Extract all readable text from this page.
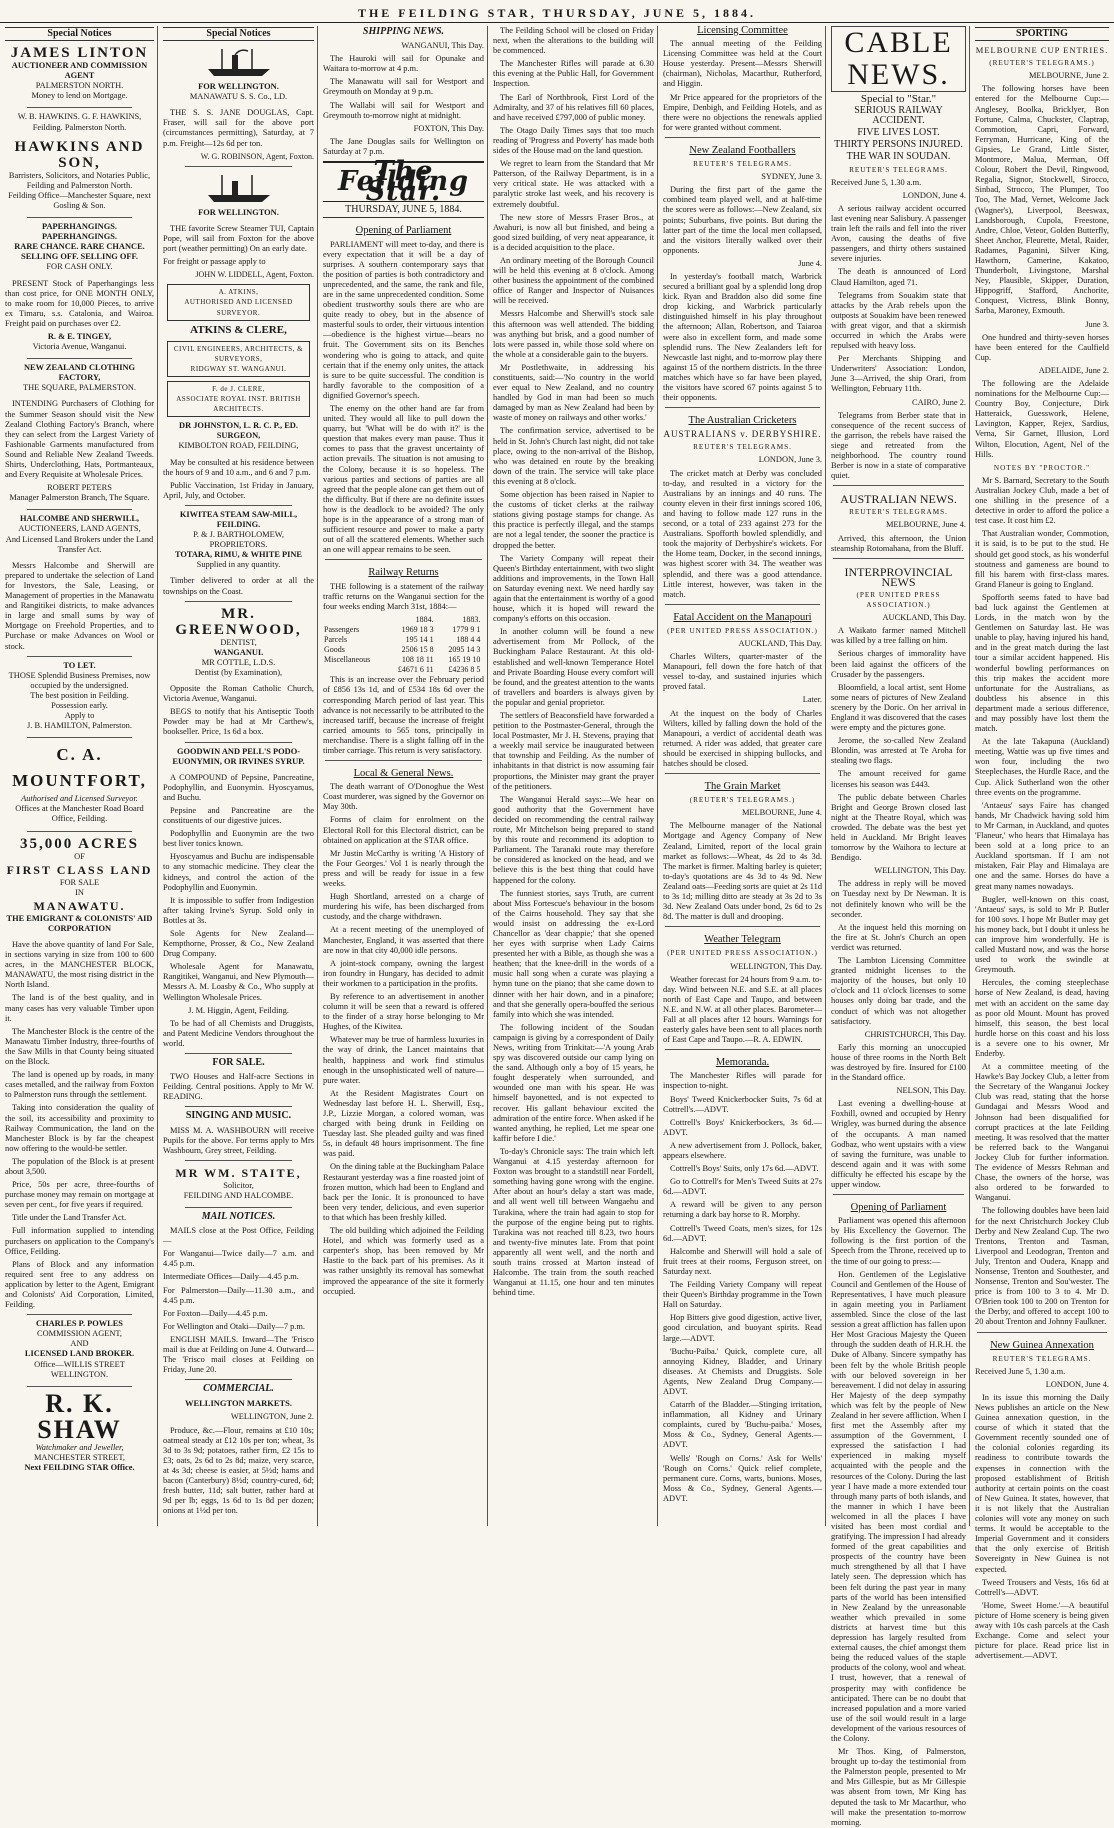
THE FEILDING STAR, THURSDAY, JUNE 5, 1884.
Special Notices
JAMES LINTON
AUCTIONEER AND COMMISSION AGENT
PALMERSTON NORTH.
Money to lend on Mortgage.
W. B. HAWKINS. G. F. HAWKINS,
Feilding. Palmerston North.
HAWKINS AND SON,
Barristers, Solicitors, and Notaries Public,
Feilding and Palmerston North.
Feilding Office—Manchester Square, next Gosling & Son.
PAPERHANGINGS. PAPERHANGINGS.
RARE CHANCE. RARE CHANCE.
SELLING OFF. SELLING OFF.
FOR CASH ONLY.

PRESENT Stock of Paperhangings less than cost price, for ONE MONTH ONLY, to make room for 10,000 Pieces, to arrive ex Timaru, s.s. Catalonia, and Wairoa. Freight paid on purchases over £2.

R. & E. TINGEY,
Victoria Avenue, Wanganui.
NEW ZEALAND CLOTHING FACTORY,
THE SQUARE, PALMERSTON.

INTENDING Purchasers of Clothing for the Summer Season should visit the New Zealand Clothing Factory's Branch, where they can select from the Largest Variety of Fashionable Garments manufactured from Sound and Reliable New Zealand Tweeds. Shirts, Underclothing, Hats, Portmanteaux, and Every Requisite at Wholesale Prices.

ROBERT PETERS
Manager Palmerston Branch, The Square.
HALCOMBE AND SHERWILL,
AUCTIONEERS, LAND AGENTS,
And Licensed Land Brokers under the Land Transfer Act.

Messrs Halcombe and Sherwill are prepared to undertake the selection of Land for Investors, the Sale, Leasing, or Management of properties in the Manawatu and Rangitikei districts, to make advances in large and small sums by way of Mortgage on Freehold Properties, and to Purchase or make Advances on Wool or stock.

TO LET.
THOSE Splendid Business Premises, now occupied by the undersigned.
The best position in Feilding.
Possession early.
Apply to
J. B. HAMILTON, Palmerston.
C. A. MOUNTFORT,
Authorised and Licensed Surveyor.
Offices at the Manchester Road Board Office, Feilding.
35,000 ACRES
OF
FIRST CLASS LAND
FOR SALE
IN
MANAWATU.
THE EMIGRANT & COLONISTS' AID CORPORATION

Have the above quantity of land For Sale, in sections varying in size from 100 to 600 acres, in the MANCHESTER BLOCK, MANAWATU, the most rising district in the North Island.

The land is of the best quality, and in many cases has very valuable Timber upon it.

The Manchester Block is the centre of the Manawatu Timber Industry, three-fourths of the Saw Mills in that County being situated on the Block.

The land is opened up by roads, in many cases metalled, and the railway from Foxton to Palmerston runs through the settlement.

Taking into consideration the quality of the soil, its accessibility and proximity to Railway Communication, the land on the Manchester Block is by far the cheapest now offering to the would-be settler.

The population of the Block is at present about 3,500.

Price, 50s per acre, three-fourths of purchase money may remain on mortgage at seven per cent., for five years if required.

Title under the Land Transfer Act.

Full information supplied to intending purchasers on application to the Company's Office, Feilding.

Plans of Block and any information required sent free to any address on application by letter to the Agent, Emigrant and Colonists' Aid Corporation, Limited, Feilding.

CHARLES P. POWLES
COMMISSION AGENT,
AND
LICENSED LAND BROKER.
Office—WILLIS STREET
WELLINGTON.
R. K. SHAW
Watchmaker and Jeweller,
MANCHESTER STREET,
Next FEILDING STAR Office.
Special Notices
FOR WELLINGTON.
MANAWATU S. S. Co., LD.

THE S. S. JANE DOUGLAS, Capt. Fraser, will sail for the above port (circumstances permitting), Saturday, at 7 p.m. Freight—12s 6d per ton.

W. G. ROBINSON, Agent, Foxton.
FOR WELLINGTON.

THE favorite Screw Steamer TUI, Captain Pope, will sail from Foxton for the above port (weather permitting) On an early date.

For freight or passage apply to

JOHN W. LIDDELL, Agent, Foxton.
A. ATKINS,
AUTHORISED AND LICENSED SURVEYOR.
ATKINS & CLERE,
CIVIL ENGINEERS, ARCHITECTS, & SURVEYORS,
RIDGWAY ST. WANGANUI.
F. de J. CLERE,
ASSOCIATE ROYAL INST. BRITISH ARCHITECTS.
DR JOHNSTON, L. R. C. P., ED. SURGEON,
KIMBOLTON ROAD, FEILDING,

May be consulted at his residence between the hours of 9 and 10 a.m., and 6 and 7 p.m.

Public Vaccination, 1st Friday in January, April, July, and October.

KIWITEA STEAM SAW-MILL, FEILDING.
P. & J. BARTHOLOMEW,
PROPRIETORS.
TOTARA, RIMU, & WHITE PINE
Supplied in any quantity.

Timber delivered to order at all the townships on the Coast.

MR. GREENWOOD,
DENTIST,
WANGANUI.
MR COTTLE, L.D.S.
Dentist (by Examination),

Opposite the Roman Catholic Church, Victoria Avenue, Wanganui.

BEGS to notify that his Antiseptic Tooth Powder may be had at Mr Carthew's, bookseller. Price, 1s 6d a box.

GOODWIN AND PELL'S PODO-EUONYMIN, OR IRVINES SYRUP.

A COMPOUND of Pepsine, Pancreatine, Podophyllin, and Euonymin. Hyoscyamus, and Buchu.

Pepsine and Pancreatine are the constituents of our digestive juices.

Podophyllin and Euonymin are the two best liver tonics known.

Hyoscyamus and Buchu are indispensable to any stomachic medicine. They clear the kidneys, and control the action of the Podophyllin and Euonymin.

It is impossible to suffer from Indigestion after taking Irvine's Syrup. Sold only in Bottles at 3s.

Sole Agents for New Zealand—Kempthorne, Prosser, & Co., New Zealand Drug Company.

Wholesale Agent for Manawatu, Rangitikei, Wanganui, and New Plymouth—Messrs A. M. Loasby & Co., Who supply at Wellington Wholesale Prices.

J. M. Higgin, Agent, Feilding.

To be had of all Chemists and Druggists, and Patent Medicine Vendors throughout the world.

FOR SALE.

TWO Houses and Half-acre Sections in Feilding. Central positions. Apply to Mr W. READING.

SINGING AND MUSIC.

MISS M. A. WASHBOURN will receive Pupils for the above. For terms apply to Mrs Washbourn, Grey street, Feilding.

MR WM. STAITE,
Solicitor,
FEILDING AND HALCOMBE.
MAIL NOTICES.

MAILS close at the Post Office, Feilding—

For Wanganui—Twice daily—7 a.m. and 4.45 p.m.

Intermediate Offices—Daily—4.45 p.m.

For Palmerston—Daily—11.30 a.m., and 4.45 p.m.

For Foxton—Daily—4.45 p.m.

For Wellington and Otaki—Daily—7 p.m.

ENGLISH MAILS. Inward—The 'Frisco mail is due at Feilding on June 4. Outward—The 'Frisco mail closes at Feilding on Friday, June 20.

COMMERCIAL.
WELLINGTON MARKETS.

WELLINGTON, June 2.

Produce, &c.—Flour, remains at £10 10s; oatmeal steady at £12 10s per ton; wheat, 3s 3d to 3s 9d; potatoes, rather firm, £2 15s to £3; oats, 2s 6d to 2s 8d; maize, very scarce, at 4s 3d; cheese is easier, at 5½d; hams and bacon (Canterbury) 8½d; country-cured, 6d; fresh butter, 11d; salt butter, rather hard at 9d per lb; eggs, 1s 6d to 1s 8d per dozen; onions at 1½d per ton.

SHIPPING NEWS.

WANGANUI, This Day.

The Hauroki will sail for Opunake and Waitara to-morrow at 4 p.m.

The Manawatu will sail for Westport and Greymouth on Monday at 9 p.m.

The Wallabi will sail for Westport and Greymouth to-morrow night at midnight.

FOXTON, This Day.

The Jane Douglas sails for Wellington on Saturday at 7 p.m.

The Feilding Star.
THURSDAY, JUNE 5, 1884.
Opening of Parliament

PARLIAMENT will meet to-day, and there is every expectation that it will be a day of surprises. A southern contemporary says that the position of parties is both contradictory and unprecedented, and the same, the rank and file, are in the same unprecedented condition. Some obedient trustworthy souls there are who are quite ready to obey, but in the absence of masterful souls to order, their virtuous intention—obedience is the highest virtue—bears no fruit. The Government sits on its Benches wondering who is going to attack, and quite certain that if the enemy only unites, the attack is sure to be quite successful. The condition is hardly favorable to the composition of a dignified Governor's speech.

The enemy on the other hand are far from united. They would all like to pull down the quarry, but 'What will be do with it?' is the question that makes every man pause. Thus it comes to pass that the gravest uncertainty of action prevails. The situation is not amusing to the Colony, because it is so hopeless. The various parties and sections of parties are all agreed that the people alone can get them out of the difficulty. But if there are no definite issues how is the deadlock to be avoided? The only hope is in the appearance of a strong man of sufficient resource and power to make a party out of all the scattered elements. Whether such an one will appear remains to be seen.

Railway Returns

THE following is a statement of the railway traffic returns on the Wanganui section for the four weeks ending March 31st, 1884:—

	1884.		1883.	
Passengers	1969 18 3		1779 9 1	
Parcels	195 14 1		188 4 4	
Goods	2506 15 8		2095 14 3	
Miscellaneous	108 18 11		165 19 10	
	£4671 6 11		£4236 8 5	

This is an increase over the February period of £856 13s 1d, and of £534 18s 6d over the corresponding March period of last year. This advance is not necessarily to be attributed to the increased tariff, because the increase of freight carried amounts to 565 tons, principally in merchandise. There is a slight falling off in the timber carriage. This return is very satisfactory.

Local & General News.

The death warrant of O'Donoghue the West Coast murderer, was signed by the Governor on May 30th.

Forms of claim for enrolment on the Electoral Roll for this Electoral district, can be obtained on application at the STAR office.

Mr Justin McCarthy is writing 'A History of the Four Georges.' Vol 1 is nearly through the press and will be ready for issue in a few weeks.

Hugh Shortland, arrested on a charge of murdering his wife, has been discharged from custody, and the charge withdrawn.

At a recent meeting of the unemployed of Manchester, England, it was asserted that there are now in that city 40,000 idle persons.

A joint-stock company, owning the largest iron foundry in Hungary, has decided to admit their workmen to a participation in the profits.

By reference to an advertisement in another column it will be seen that a reward is offered to the finder of a stray horse belonging to Mr Hughes, of the Kiwitea.

Whatever may be true of harmless luxuries in the way of drink, the Lancet maintains that health, happiness and work find stimulus enough in the unsophisticated well of nature—pure water.

At the Resident Magistrates Court on Wednesday last before H. L. Sherwill, Esq., J.P., Lizzie Morgan, a colored woman, was charged with being drunk in Feilding on Tuesday last. She pleaded guilty and was fined 5s, in default 48 hours imprisonment. The fine was paid.

On the dining table at the Buckingham Palace Restaurant yesterday was a fine roasted joint of frozen mutton, which had been to England and back per the Ionic. It is pronounced to have been very tender, delicious, and even superior to that which has been freshly killed.

The old building which adjoined the Feilding Hotel, and which was formerly used as a carpenter's shop, has been removed by Mr Hastie to the back part of his premises. As it was rather unsightly its removal has somewhat improved the appearance of the site it formerly occupied.

The Feilding School will be closed on Friday next, when the alterations to the building will be commenced.

The Manchester Rifles will parade at 6.30 this evening at the Public Hall, for Government Inspection.

The Earl of Northbrook, First Lord of the Admiralty, and 37 of his relatives fill 60 places, and have received £797,000 of public money.

The Otago Daily Times says that too much reading of 'Progress and Poverty' has made both sides of the House mad on the land question.

We regret to learn from the Standard that Mr Patterson, of the Railway Department, is in a very critical state. He was attacked with a paralytic stroke last week, and his recovery is extremely doubtful.

The new store of Messrs Fraser Bros., at Awahuri, is now all but finished, and being a good sized building, of very neat appearance, it is a decided acquisition to the place.

An ordinary meeting of the Borough Council will be held this evening at 8 o'clock. Among other business the appointment of the combined office of Ranger and Inspector of Nuisances will be received.

Messrs Halcombe and Sherwill's stock sale this afternoon was well attended. The bidding was anything but brisk, and a good number of lots were passed in, while those sold where on the whole at a considerable gain to the buyers.

Mr Postlethwaite, in addressing his constituents, said:—'No country in the world ever equal to New Zealand, and no country handled by God in man had been so much damaged by man as New Zealand had been by waste of money on railways and other works.'

The confirmation service, advertised to be held in St. John's Church last night, did not take place, owing to the non-arrival of the Bishop, who was detained en route by the breaking down of the train. The service will take place this evening at 8 o'clock.

Some objection has been raised in Napier to the customs of ticket clerks at the railway stations giving postage stamps for change. As this practice is perfectly illegal, and the stamps are not a legal tender, the sooner the practice is dropped the better.

The Variety Company will repeat their Queen's Birthday entertainment, with two slight additions and improvements, in the Town Hall on Saturday evening next. We need hardly say again that the entertainment is worthy of a good house, which it is hoped will reward the company's efforts on this occasion.

In another column will be found a new advertisement from Mr Pollock, of the Buckingham Palace Restaurant. At this old-established and well-known Temperance Hotel and Private Boarding House every comfort will be found, and the greatest attention to the wants of travellers and boarders is always given by the popular and genial proprietor.

The settlers of Beaconsfield have forwarded a petition to the Postmaster-General, through the local Postmaster, Mr J. H. Stevens, praying that a weekly mail service be inaugurated between that township and Feilding. As the number of inhabitants in that district is now assuming fair proportions, the Minister may grant the prayer of the petitioners.

The Wanganui Herald says:—We hear on good authority that the Government have decided on recommending the central railway route, Mr Mitchelson being prepared to stand by this route and recommend its adoption to Parliament. The Taranaki route may therefore be considered as knocked on the head, and we believe this is the best thing that could have happened for the colony.

The funniest stories, says Truth, are current about Miss Fortescue's behaviour in the bosom of the Cairns household. They say that she would insist on addressing the ex-Lord Chancellor as 'dear chappie;' that she opened her eyes with surprise when Lady Cairns presented her with a Bible, as though she was a heathen; that the knee-drill in the words of a music hall song when a curate was playing a hymn tune on the piano; that she came down to dinner with her hair down, and in a pinafore; and that she generally opera-bouffed the serious family into which she was intended.

The following incident of the Soudan campaign is giving by a correspondent of Daily News, writing from Trinkitat:—'A young Arab spy was discovered outside our camp lying on the sand. Although only a boy of 15 years, he fought desperately when surrounded, and wounded one man with his spear. He was himself bayonetted, and is not expected to recover. His gallant behaviour excited the admiration of the entire force. When asked if he wanted anything, he replied, Let me spear one kaffir before I die.'

To-day's Chronicle says: The train which left Wanganui at 4.15 yesterday afternoon for Foxton was brought to a standstill near Fordell, something having gone wrong with the engine. After about an hour's delay a start was made, and all went well till between Wangaehu and Turakina, where the train had again to stop for the purpose of the engine being put to rights. Turakina was not reached till 8.23, two hours and twenty-five minutes late. From that point apparently all went well, and the north and south trains crossed at Marton instead of Halcombe. The train from the south reached Wanganui at 11.15, one hour and ten minutes behind time.

Licensing Committee

The annual meeting of the Feilding Licensing Committee was held at the Court House yesterday. Present—Messrs Sherwill (chairman), Nicholas, Macarthur, Rutherford, and Higgin.

Mr Price appeared for the proprietors of the Empire, Denbigh, and Feilding Hotels, and as there were no objections the renewals applied for were granted without comment.

New Zealand Footballers
REUTER'S TELEGRAMS.

SYDNEY, June 3.

During the first part of the game the combined team played well, and at half-time the scores were as follows:—New Zealand, six points; Suburbans, five points. But during the latter part of the time the local men collapsed, and the visitors literally walked over their opponents.

June 4.

In yesterday's football match, Warbrick secured a brilliant goal by a splendid long drop kick. Ryan and Braddon also did some fine drop kicking, and Warbrick particularly distinguished himself in his play throughout the afternoon; Allan, Robertson, and Taiaroa were also in excellent form, and made some splendid runs. The New Zealanders left for Newcastle last night, and to-morrow play there against 15 of the northern districts. In the three matches which have so far have been played, the visitors have scored 67 points against 5 to their opponents.

The Australian Cricketers
AUSTRALIANS v. DERBYSHIRE.
REUTER'S TELEGRAMS.

LONDON, June 3.

The cricket match at Derby was concluded to-day, and resulted in a victory for the Australians by an innings and 40 runs. The county eleven in their first innings scored 106, and having to follow made 127 runs in the second, or a total of 233 against 273 for the Australians. Spofforth bowled splendidly, and took the majority of Derbyshire's wickets. For the Home team, Docker, in the second innings, was highest scorer with 34. The weather was splendid, and there was a good attendance. Little interest, however, was taken in the match.

Fatal Accident on the Manapouri
(PER UNITED PRESS ASSOCIATION.)

AUCKLAND, This Day.

Charles Wilters, quarter-master of the Manapouri, fell down the fore hatch of that vessel to-day, and sustained injuries which proved fatal.

Later.

At the inquest on the body of Charles Wilters, killed by falling down the hold of the Manapouri, a verdict of accidental death was returned. A rider was added, that greater care should be exercised in shipping bullocks, and hatches should be closed.

The Grain Market
(REUTER'S TELEGRAMS.)

MELBOURNE, June 4.

The Melbourne manager of the National Mortgage and Agency Company of New Zealand, Limited, report of the local grain market as follows:—Wheat, 4s 2d to 4s 3d. The market is firmer. Malting barley is quieter; to-day's quotations are 4s 3d to 4s 9d. New Zealand oats—Feeding sorts are quiet at 2s 11d to 3s 1d; milling ditto are steady at 3s 2d to 3s 3d. New Zealand Oats under bond, 2s 6d to 2s 8d. The matter is dull and drooping.

Weather Telegram
(PER UNITED PRESS ASSOCIATION.)

WELLINGTON, This Day.

Weather forecast for 24 hours from 9 a.m. to-day. Wind between N.E. and S.E. at all places north of East Cape and Taupo, and between N.E. and N.W. at all other places. Barometer—Fall at all places after 12 hours. Warnings for easterly gales have been sent to all places north of East Cape and Taupo.—R. A. EDWIN.

Memoranda.

The Manchester Rifles will parade for inspection to-night.

Boys' Tweed Knickerbocker Suits, 7s 6d at Cottrell's.—ADVT.

Cottrell's Boys' Knickerbockers, 3s 6d.—ADVT.

A new advertisement from J. Pollock, baker, appears elsewhere.

Cottrell's Boys' Suits, only 17s 6d.—ADVT.

Go to Cottrell's for Men's Tweed Suits at 27s 6d.—ADVT.

A reward will be given to any person returning a dark bay horse to R. Morphy.

Cottrell's Tweed Coats, men's sizes, for 12s 6d.—ADVT.

Halcombe and Sherwill will hold a sale of fruit trees at their rooms, Ferguson street, on Saturday next.

The Feilding Variety Company will repeat their Queen's Birthday programme in the Town Hall on Saturday.

Hop Bitters give good digestion, active liver, good circulation, and buoyant spirits. Read large.—ADVT.

'Buchu-Paiba.' Quick, complete cure, all annoying Kidney, Bladder, and Urinary diseases. At Chemists and Druggists. Sole Agents, New Zealand Drug Company.—ADVT.

Catarrh of the Bladder.—Stinging irritation, inflammation, all Kidney and Urinary complaints, cured by 'Buchu-paiba.' Moses, Moss & Co., Sydney, General Agents.—ADVT.

Wells' 'Rough on Corns.' Ask for Wells' 'Rough on Corns.' Quick relief complete, permanent cure. Corns, warts, bunions. Moses, Moss & Co., Sydney, General Agents.—ADVT.

CABLE NEWS.
Special to "Star."
SERIOUS RAILWAY ACCIDENT.
FIVE LIVES LOST.
THIRTY PERSONS INJURED.
THE WAR IN SOUDAN.
REUTER'S TELEGRAMS.

Received June 5, 1.30 a.m.

LONDON, June 4.

A serious railway accident occurred last evening near Salisbury. A passenger train left the rails and fell into the river Avon, causing the deaths of five passengers, and thirty others sustained severe injuries.

The death is announced of Lord Claud Hamilton, aged 71.

Telegrams from Souakim state that attacks by the Arab rebels upon the outposts at Souakim have been renewed with great vigor, and that a skirmish occurred in which the Arabs were repulsed with heavy loss.

Per Merchants Shipping and Underwriters' Association: London, June 3—Arrived, the ship Orari, from Wellington, February 11th.

CAIRO, June 2.

Telegrams from Berber state that in consequence of the recent success of the garrison, the rebels have raised the siege and retreated from the neighborhood. The country round Berber is now in a state of comparative quiet.

AUSTRALIAN NEWS.
REUTER'S TELEGRAMS.

MELBOURNE, June 4.

Arrived, this afternoon, the Union steamship Rotomahana, from the Bluff.

INTERPROVINCIAL NEWS
(PER UNITED PRESS ASSOCIATION.)

AUCKLAND, This Day.

A Waikato farmer named Mitchell was killed by a tree falling on him.

Serious charges of immorality have been laid against the officers of the Crusader by the passengers.

Bloomfield, a local artist, sent Home some nears of pictures of New Zealand scenery by the Doric. On her arrival in England it was discovered that the cases were empty and the pictures gone.

Jerome, the so-called New Zealand Blondin, was arrested at Te Aroha for stealing two flags.

The amount received for game licenses his season was £443.

The public debate between Charles Bright and George Brown closed last night at the Theatre Royal, which was crowded. The debate was the best yet held in Auckland. Mr Bright leaves tomorrow by the Waihora to lecture at Bendigo.

WELLINGTON, This Day.

The address in reply will be moved on Tuesday next by Dr Newman. It is not definitely known who will be the seconder.

At the inquest held this morning on the fire at St. John's Church an open verdict was returned.

The Lambton Licensing Committee granted midnight licenses to the majority of the houses, but only 10 o'clock and 11 o'clock licenses to some houses only doing bar trade, and the conduct of which was not altogether satisfactory.

CHRISTCHURCH, This Day.

Early this morning an unoccupied house of three rooms in the North Belt was destroyed by fire. Insured for £100 in the Standard office.

NELSON, This Day.

Last evening a dwelling-house at Foxhill, owned and occupied by Henry Wrigley, was burned during the absence of the occupants. A man named Godbaz, who went upstairs with a view of saving the furniture, was unable to descend again and it was with some difficulty he effected his escape by the upper window.

Opening of Parliament

Parliament was opened this afternoon by His Excellency the Governor. The following is the first portion of the Speech from the Throne, received up to the time of our going to press:—

Hon. Gentlemen of the Legislative Council and Gentlemen of the House of Representatives, I have much pleasure in again meeting you in Parliament assembled. Since the close of the last session a great affliction has fallen upon Her Most Gracious Majesty the Queen through the sudden death of H.R.H. the Duke of Albany. Sincere sympathy has been felt by the whole British people with our beloved sovereign in her bereavement. I did not delay in assuring Her Majesty of the deep sympathy which was felt by the people of New Zealand in her severe affliction. When I first met the Assembly after my assumption of the Government, I expressed the satisfaction I had experienced in making myself acquainted with the people and the resources of the Colony. During the last year I have made a more extended tour through many parts of both islands, and the manner in which I have been welcomed in all the places I have visited has been most cordial and gratifying. The impression I had already formed of the great capabilities and prospects of the country have been much strengthened by all that I have lately seen. The depression which has been felt during the past year in many parts of the world has been intensified in New Zealand by the unreasonable weather which prevailed in some districts at harvest time but this depression has largely resulted from external causes, the chief amongst them being the reduced values of the staple products of the colony, wool and wheat. I trust, however, that a renewal of prosperity may with confidence be anticipated. There can be no doubt that increased population and a more varied use of the soil would result in a large development of the various resources of the Colony.

Mr Thos. King, of Palmerston, brought up to-day the testimonial from the Palmerston people, presented to Mr and Mrs Gillespie, but as Mr Gillespie was absent from town, Mr King has deputed the task to Mr Macarthur, who will make the presentation to-morrow morning.

SPORTING
MELBOURNE CUP ENTRIES.
(REUTER'S TELEGRAMS.)

MELBOURNE, June 2.

The following horses have been entered for the Melbourne Cup:—Anglesey, Boolka, Bricklyer, Bon Fortune, Calma, Chuckster, Claptrap, Commotion, Capri, Forward, Ferryman, Hurricane, King of the Gipsies, Le Grand, Little Sister, Montmore, Malua, Merman, Off Colour, Robert the Devil, Ringwood, Regalia, Signor, Stockwell, Sirocco, Sinbad, Strocco, The Plumper, Too Too, The Mad, Vernet, Welcome Jack (Wagner's), Liverpool, Beeswax, Landsborough, Cupola, Freestone, Andre, Chloe, Veteor, Golden Butterfly, Sheet Anchor, Fleurette, Metal, Raider, Radames, Paganini, Silver King, Hawthorn, Camerine, Kakatoo, Thunderbolt, Livingstone, Marshal Ney, Plausible, Skipper, Duration, Hippogriff, Stafford, Anchorite, Conquest, Victress, Blink Bonny, Sarba, Maroney, Exmouth.

June 3.

One hundred and thirty-seven horses have been entered for the Caulfield Cup.

ADELAIDE, June 2.

The following are the Adelaide nominations for the Melbourne Cup:—Country Boy, Conjecture, Dirk Hatteraick, Guesswork, Helene, Lavington, Kapper, Rejex, Sardius, Verna, Sir Garnet, Illusion, Lord Wilton, Elocution, Agent, Nel of the Hills.

NOTES BY "PROCTOR."

Mr S. Barnard, Secretary to the South Australian Jockey Club, made a bet of one shilling in the presence of a detective in order to afford the police a test case. It cost him £2.

That Australian wonder, Commotion, it is said, is to be put to the stud. He should get good stock, as his wonderful stoutness and gameness are bound to fill his harem with first-class mares. Grand Flaneur is going to England.

Spofforth seems fated to have bad bad luck against the Gentlemen at Lords, in the match won by the Gentlemen on Saturday last. He was unable to play, having injured his hand, and in the great match during the last tour a similar accident happened. His wonderful bowling performances on this trip makes the accident more unfortunate for the Australians, as doubtless his absence in this department made a serious difference, and may possibly have lost them the match.

At the late Takapuna (Auckland) meeting, Wattie was up five times and won four, including the two Steeplechases, the Hurdle Race, and the Cup. Alick Sutherland won the other three events on the programme.

'Antaeus' says Faire has changed hands, Mr Chadwick having sold him to Mr Carman, in Auckland, and quotes 'Flaneur,' who hears that Himalaya has been sold at a long price to an Auckland sportsman. If I am not mistaken, Fair Play and Himalaya are one and the same. Horses do have a great many names nowadays.

Bugler, well-known on this coast, 'Antaeus' says, is sold to Mr P. Butler for 100 sovs. I hope Mr Butler may get his money back, but I doubt it unless he can improve him wonderfully. He is called Mustard now, and was the horse used to work the swindle at Greymouth.

Hercules, the coming steeplechase horse of New Zealand, is dead, having met with an accident on the same day as poor old Mount. Mount has proved himself, this season, the best local hurdle horse on this coast and his loss is a severe one to his owner, Mr Enderby.

At a committee meeting of the Hawke's Bay Jockey Club, a letter from the Secretary of the Wanganui Jockey Club was read, stating that the horse Gundagai and Messrs Wood and Johnson had been disqualified for corrupt practices at the late Feilding meeting. It was resolved that the matter be referred back to the Wanganui Jockey Club for further information. The evidence of Messrs Rehman and Chase, the owners of the horse, was also ordered to be forwarded to Wanganui.

The following doubles have been laid for the next Christchurch Jockey Club Derby and New Zealand Cup. The two Trentons, Trenton and Tasman, Liverpool and Leodogran, Trenton and July, Trenton and Oudera, Knapp and Nonsense, Trenton and Southester, and Nonsense, Trenton and Sou'wester. The price is from 100 to 3 to 4. Mr D. O'Brien took 100 to 200 on Trenton for the Derby, and offered to accept 100 to 20 about Trenton and Johnny Faulkner.

New Guinea Annexation
REUTER'S TELEGRAMS.

Received June 5, 1.30 a.m.

LONDON, June 4.

In its issue this morning the Daily News publishes an article on the New Guinea annexation question, in the course of which it stated that the Government recently sounded one of the colonial colonies regarding its readiness to contribute towards the expenses in connection with the proposed establishment of British authority at certain points on the coast of New Guinea. It states, however, that it is not likely that the Australian colonies will vote any money on such terms. It would be acceptable to the Imperial Government and it considers that the only exercise of British Sovereignty in New Guinea is not expected.

Tweed Trousers and Vests, 16s 6d at Cottrell's—ADVT.

'Home, Sweet Home.'—A beautiful picture of Home scenery is being given away with 10s cash parcels at the Cash Exchange. Come and select your picture for place. Read price list in advertisement.—ADVT.
